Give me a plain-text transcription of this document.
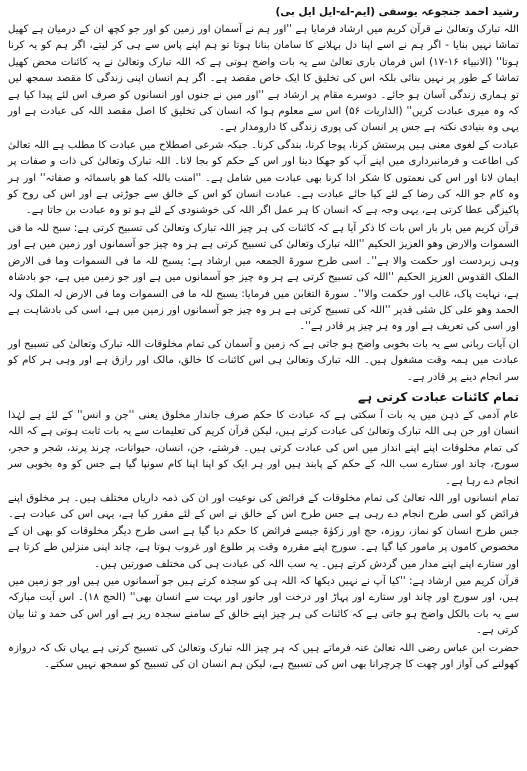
رشید احمد جنجوعہ یوسفی (ایم-اے-ایل ایل بی)

اللہ تبارک وتعالیٰ نے قرآن کریم میں ارشاد فرمایا ہے ''اور ہم نے آسمان اور زمین کو اور جو کچھ ان کے درمیان ہے کھیل تماشا نہیں بنایا - اگر ہم نے اسے اپنا دل بہلانے کا سامان بنانا ہوتا تو ہم اپنے پاس سے ہی کر لیتے، اگر ہم کو یہ کرنا ہوتا'' (الانبیاء ۱۶-۱۷) اس فرمان باری تعالیٰ سے یہ بات واضح ہوتی ہے کہ اللہ تبارک وتعالیٰ نے یہ کائنات محض کھیل تماشا کے طور پر نہیں بنائی بلکہ اس کی تخلیق کا ایک خاص مقصد ہے۔ اگر ہم انسان اپنی زندگی کا مقصد سمجھ لیں تو ہماری زندگی آسان ہو جائے۔ دوسرے مقام پر ارشاد ہے ''اور میں نے جنوں اور انسانوں کو صرف اس لئے پیدا کیا ہے کہ وہ میری عبادت کریں'' (الذاریات ۵۶) اس سے معلوم ہوا کہ انسان کی تخلیق کا اصل مقصد اللہ کی عبادت ہے اور یہی وہ بنیادی نکتہ ہے جس پر انسان کی پوری زندگی کا دارومدار ہے۔

عبادت کے لغوی معنی ہیں پرستش کرنا، پوجا کرنا، بندگی کرنا۔ جبکہ شرعی اصطلاح میں عبادت کا مطلب ہے اللہ تعالیٰ کی اطاعت و فرمانبرداری میں اپنے آپ کو جھکا دینا اور اس کے حکم کو بجا لانا۔ اللہ تبارک وتعالیٰ کی ذات و صفات پر ایمان لانا اور اس کی نعمتوں کا شکر ادا کرنا بھی عبادت میں شامل ہے۔ ''امنت باللہ کما ھو باسمائہ و صفاتہ'' اور ہر وہ کام جو اللہ کی رضا کے لئے کیا جائے عبادت ہے۔ عبادت انسان کو اس کے خالق سے جوڑتی ہے اور اس کی روح کو پاکیزگی عطا کرتی ہے، یہی وجہ ہے کہ انسان کا ہر عمل اگر اللہ کی خوشنودی کے لئے ہو تو وہ عبادت بن جاتا ہے۔

قرآن کریم میں بار بار اس بات کا ذکر آیا ہے کہ کائنات کی ہر چیز اللہ تبارک وتعالیٰ کی تسبیح کرتی ہے: سبح للہ ما فی السموات والارض وھو العزیز الحکیم ''اللہ تبارک وتعالیٰ کی تسبیح کرتی ہے ہر وہ چیز جو آسمانوں اور زمین میں ہے اور وہی زبردست اور حکمت والا ہے''۔ اسی طرح سورۃ الجمعہ میں ارشاد ہے: یسبح للہ ما فی السموات وما فی الارض الملک القدوس العزیز الحکیم ''اللہ کی تسبیح کرتی ہے ہر وہ چیز جو آسمانوں میں ہے اور جو زمین میں ہے، جو بادشاہ ہے، نہایت پاک، غالب اور حکمت والا''۔ سورۃ التغابن میں فرمایا: یسبح للہ ما فی السموات وما فی الارض لہ الملک ولہ الحمد وھو علی کل شئی قدیر ''اللہ کی تسبیح کرتی ہے ہر وہ چیز جو آسمانوں اور زمین میں ہے، اسی کی بادشاہت ہے اور اسی کی تعریف ہے اور وہ ہر چیز پر قادر ہے''۔

ان آیات ربانی سے یہ بات بخوبی واضح ہو جاتی ہے کہ زمین و آسمان کی تمام مخلوقات اللہ تبارک وتعالیٰ کی تسبیح اور عبادت میں ہمہ وقت مشغول ہیں۔ اللہ تبارک وتعالیٰ ہی اس کائنات کا خالق، مالک اور رازق ہے اور وہی ہر کام کو سر انجام دینے پر قادر ہے۔

تمام کائنات عبادت کرتی ہے

عام آدمی کے ذہن میں یہ بات آ سکتی ہے کہ عبادت کا حکم صرف جاندار مخلوق یعنی ''جن و انس'' کے لئے ہے لہٰذا انسان اور جن ہی اللہ تبارک وتعالیٰ کی عبادت کرتے ہیں، لیکن قرآن کریم کی تعلیمات سے یہ بات ثابت ہوتی ہے کہ اللہ کی تمام مخلوقات اپنے اپنے انداز میں اس کی عبادت کرتی ہیں۔ فرشتے، جن، انسان، حیوانات، چرند پرند، شجر و حجر، سورج، چاند اور ستارے سب اللہ کے حکم کے پابند ہیں اور ہر ایک کو اپنا اپنا کام سونپا گیا ہے جس کو وہ بخوبی سر انجام دے رہا ہے۔

تمام انسانوں اور اللہ تعالیٰ کی تمام مخلوقات کے فرائض کی نوعیت اور ان کی ذمہ داریاں مختلف ہیں۔ ہر مخلوق اپنے فرائض کو اسی طرح انجام دے رہی ہے جس طرح اس کے خالق نے اس کے لئے مقرر کیا ہے، یہی اس کی عبادت ہے۔ جس طرح انسان کو نماز، روزہ، حج اور زکوٰۃ جیسے فرائض کا حکم دیا گیا ہے اسی طرح دیگر مخلوقات کو بھی ان کے مخصوص کاموں پر مامور کیا گیا ہے۔ سورج اپنے مقررہ وقت پر طلوع اور غروب ہوتا ہے، چاند اپنی منزلیں طے کرتا ہے اور ستارے اپنے اپنے مدار میں گردش کرتے ہیں۔ یہ سب اللہ کی عبادت ہی کی مختلف صورتیں ہیں۔

قرآن کریم میں ارشاد ہے: ''کیا آپ نے نہیں دیکھا کہ اللہ ہی کو سجدہ کرتے ہیں جو آسمانوں میں ہیں اور جو زمین میں ہیں، اور سورج اور چاند اور ستارے اور پہاڑ اور درخت اور جانور اور بہت سے انسان بھی'' (الحج ۱۸)۔ اس آیت مبارکہ سے یہ بات بالکل واضح ہو جاتی ہے کہ کائنات کی ہر چیز اپنے خالق کے سامنے سجدہ ریز ہے اور اس کی حمد و ثنا بیان کرتی ہے۔

حضرت ابن عباس رضی اللہ تعالیٰ عنہ فرماتے ہیں کہ ہر چیز اللہ تبارک وتعالیٰ کی تسبیح کرتی ہے یہاں تک کہ دروازہ کھولنے کی آواز اور چھت کا چرچرانا بھی اس کی تسبیح ہے، لیکن ہم انسان ان کی تسبیح کو سمجھ نہیں سکتے۔
